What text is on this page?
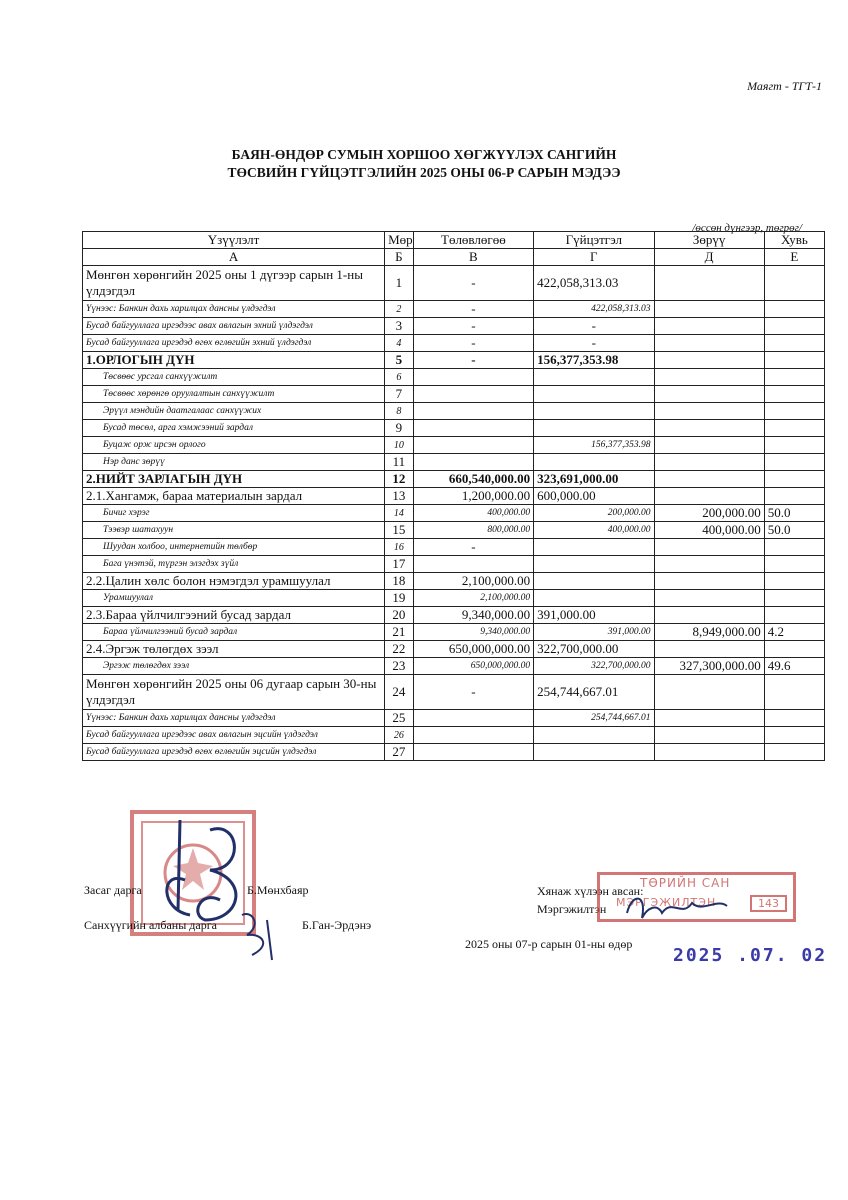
Маягт - ТГТ-1
БАЯН-ӨНДӨР СУМЫН ХОРШОО ХӨГЖҮҮЛЭХ САНГИЙН
ТӨСВИЙН ГҮЙЦЭТГЭЛИЙН 2025 ОНЫ 06-Р САРЫН МЭДЭЭ
/өссөн дүнгээр, төгрөг/
Үзүүлэлт	Мөр	Төлөвлөгөө	Гүйцэтгэл	Зөрүү	Хувь
А	Б	В	Г	Д	Е
Мөнгөн хөрөнгийн 2025 оны 1 дүгээр сарын 1-ны үлдэгдэл	1	-	422,058,313.03		
Үүнээс: Банкин дахь харилцах дансны үлдэгдэл	2	-	422,058,313.03		
Бусад байгууллага иргэдээс авах авлагын эхний үлдэгдэл	3	-	-		
Бусад байгууллага иргэдэд өгөх өглөгийн эхний үлдэгдэл	4	-	-		
1.ОРЛОГЫН ДҮН	5	-	156,377,353.98		
Төсвөөс урсгал санхүүжилт	6				
Төсвөөс хөрөнгө оруулалтын санхүүжилт	7				
Эрүүл мэндийн даатгалаас санхүүжих	8				
Бусад төсөл, арга хэмжээний зардал	9				
Буцаж орж ирсэн орлого	10		156,377,353.98		
Нэр данс зөрүү	11				
2.НИЙТ ЗАРЛАГЫН ДҮН	12	660,540,000.00	323,691,000.00		
2.1.Хангамж, бараа материалын зардал	13	1,200,000.00	600,000.00		
Бичиг хэрэг	14	400,000.00	200,000.00	200,000.00	50.0
Тээвэр шатахуун	15	800,000.00	400,000.00	400,000.00	50.0
Шуудан холбоо, интернетийн төлбөр	16	-			
Бага үнэтэй, түргэн элэгдэх зүйл	17				
2.2.Цалин хөлс болон нэмэгдэл урамшуулал	18	2,100,000.00			
Урамшуулал	19	2,100,000.00			
2.3.Бараа үйлчилгээний бусад зардал	20	9,340,000.00	391,000.00		
Бараа үйлчилгээний бусад зардал	21	9,340,000.00	391,000.00	8,949,000.00	4.2
2.4.Эргэж төлөгдөх зээл	22	650,000,000.00	322,700,000.00		
Эргэж төлөгдөх зээл	23	650,000,000.00	322,700,000.00	327,300,000.00	49.6
Мөнгөн хөрөнгийн 2025 оны 06 дугаар сарын 30-ны үлдэгдэл	24	-	254,744,667.01		
Үүнээс: Банкин дахь харилцах дансны үлдэгдэл	25		254,744,667.01		
Бусад байгууллага иргэдээс авах авлагын эцсийн үлдэгдэл	26				
Бусад байгууллага иргэдэд өгөх өглөгийн эцсийн үлдэгдэл	27				
Засаг дарга	Б.Мөнхбаяр
Санхүүгийн албаны дарга	Б.Ган-Эрдэнэ
Хянаж хүлээн авсан:
Мэргэжилтэн
ТӨРИЙН САН
МЭРГЭЖИЛТЭН	143
2025 оны 07-р сарын 01-ны өдөр
2025 .07. 02
